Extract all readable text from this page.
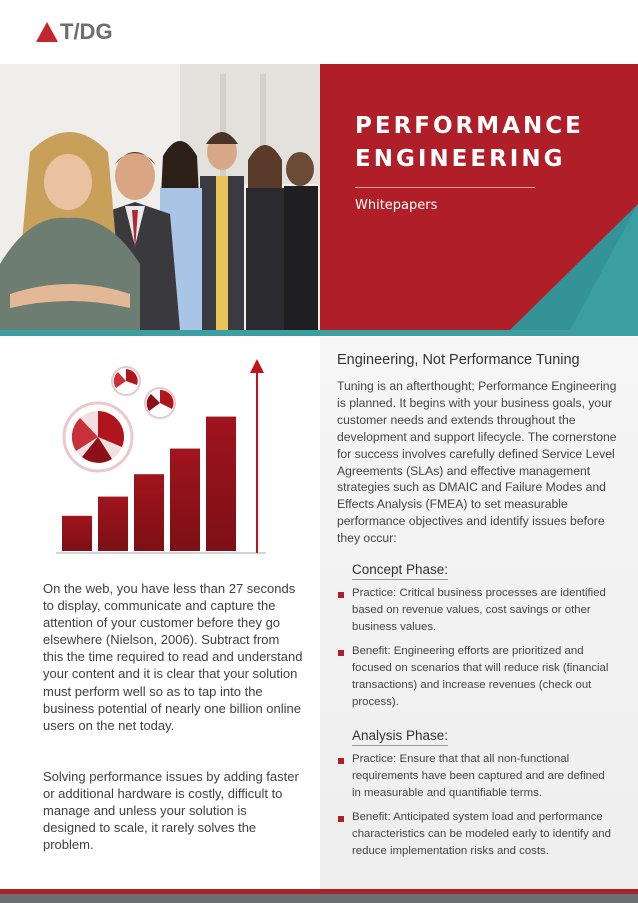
T/DG
PERFORMANCE
ENGINEERING
Whitepapers
Engineering, Not Performance Tuning

Tuning is an afterthought; Performance Engineering is planned. It begins with your business goals, your customer needs and extends throughout the development and support lifecycle. The cornerstone for success involves carefully defined Service Level Agreements (SLAs) and effective management strategies such as DMAIC and Failure Modes and Effects Analysis (FMEA) to set measurable performance objectives and identify issues before they occur:

Concept Phase:

Practice: Critical business processes are identified based on revenue values, cost savings or other business values.

Benefit: Engineering efforts are prioritized and focused on scenarios that will reduce risk (financial transactions) and increase revenues (check out process).

Analysis Phase:

Practice: Ensure that that all non-functional requirements have been captured and are defined in measurable and quantifiable terms.

Benefit: Anticipated system load and performance characteristics can be modeled early to identify and reduce implementation risks and costs.

On the web, you have less than 27 seconds to display, communicate and capture the attention of your customer before they go elsewhere (Nielson, 2006). Subtract from this the time required to read and understand your content and it is clear that your solution must perform well so as to tap into the business potential of nearly one billion online users on the net today.

Solving performance issues by adding faster or additional hardware is costly, difficult to manage and unless your solution is designed to scale, it rarely solves the problem.
